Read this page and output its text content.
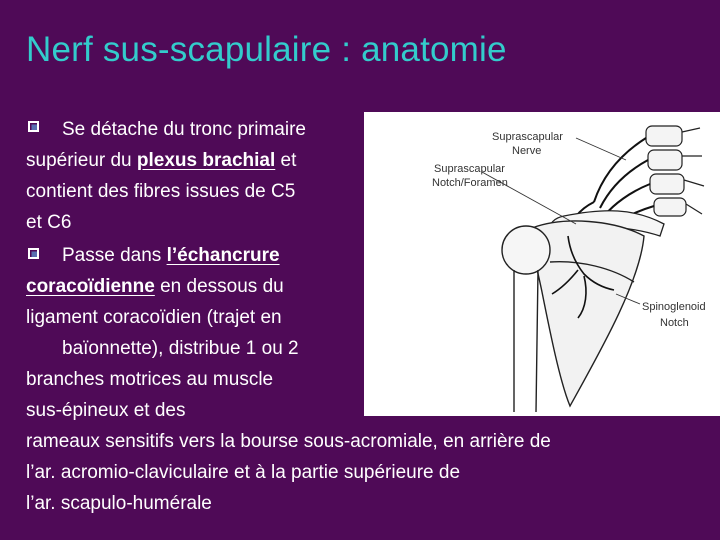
Nerf sus-scapulaire : anatomie
Suprascapular
Nerve
Suprascapular
Notch/Foramen
Spinoglenoid
Notch
Se détache du tronc primaire
supérieur du plexus brachial et
contient des fibres issues de C5
et C6
Passe dans l’échancrure
coracoïdienne en dessous du
ligament coracoïdien (trajet en
baïonnette), distribue 1 ou 2
branches motrices au muscle
sus-épineux et des
rameaux sensitifs vers la bourse sous-acromiale, en arrière de
l’ar. acromio-claviculaire et à la partie supérieure de
l’ar. scapulo-humérale
